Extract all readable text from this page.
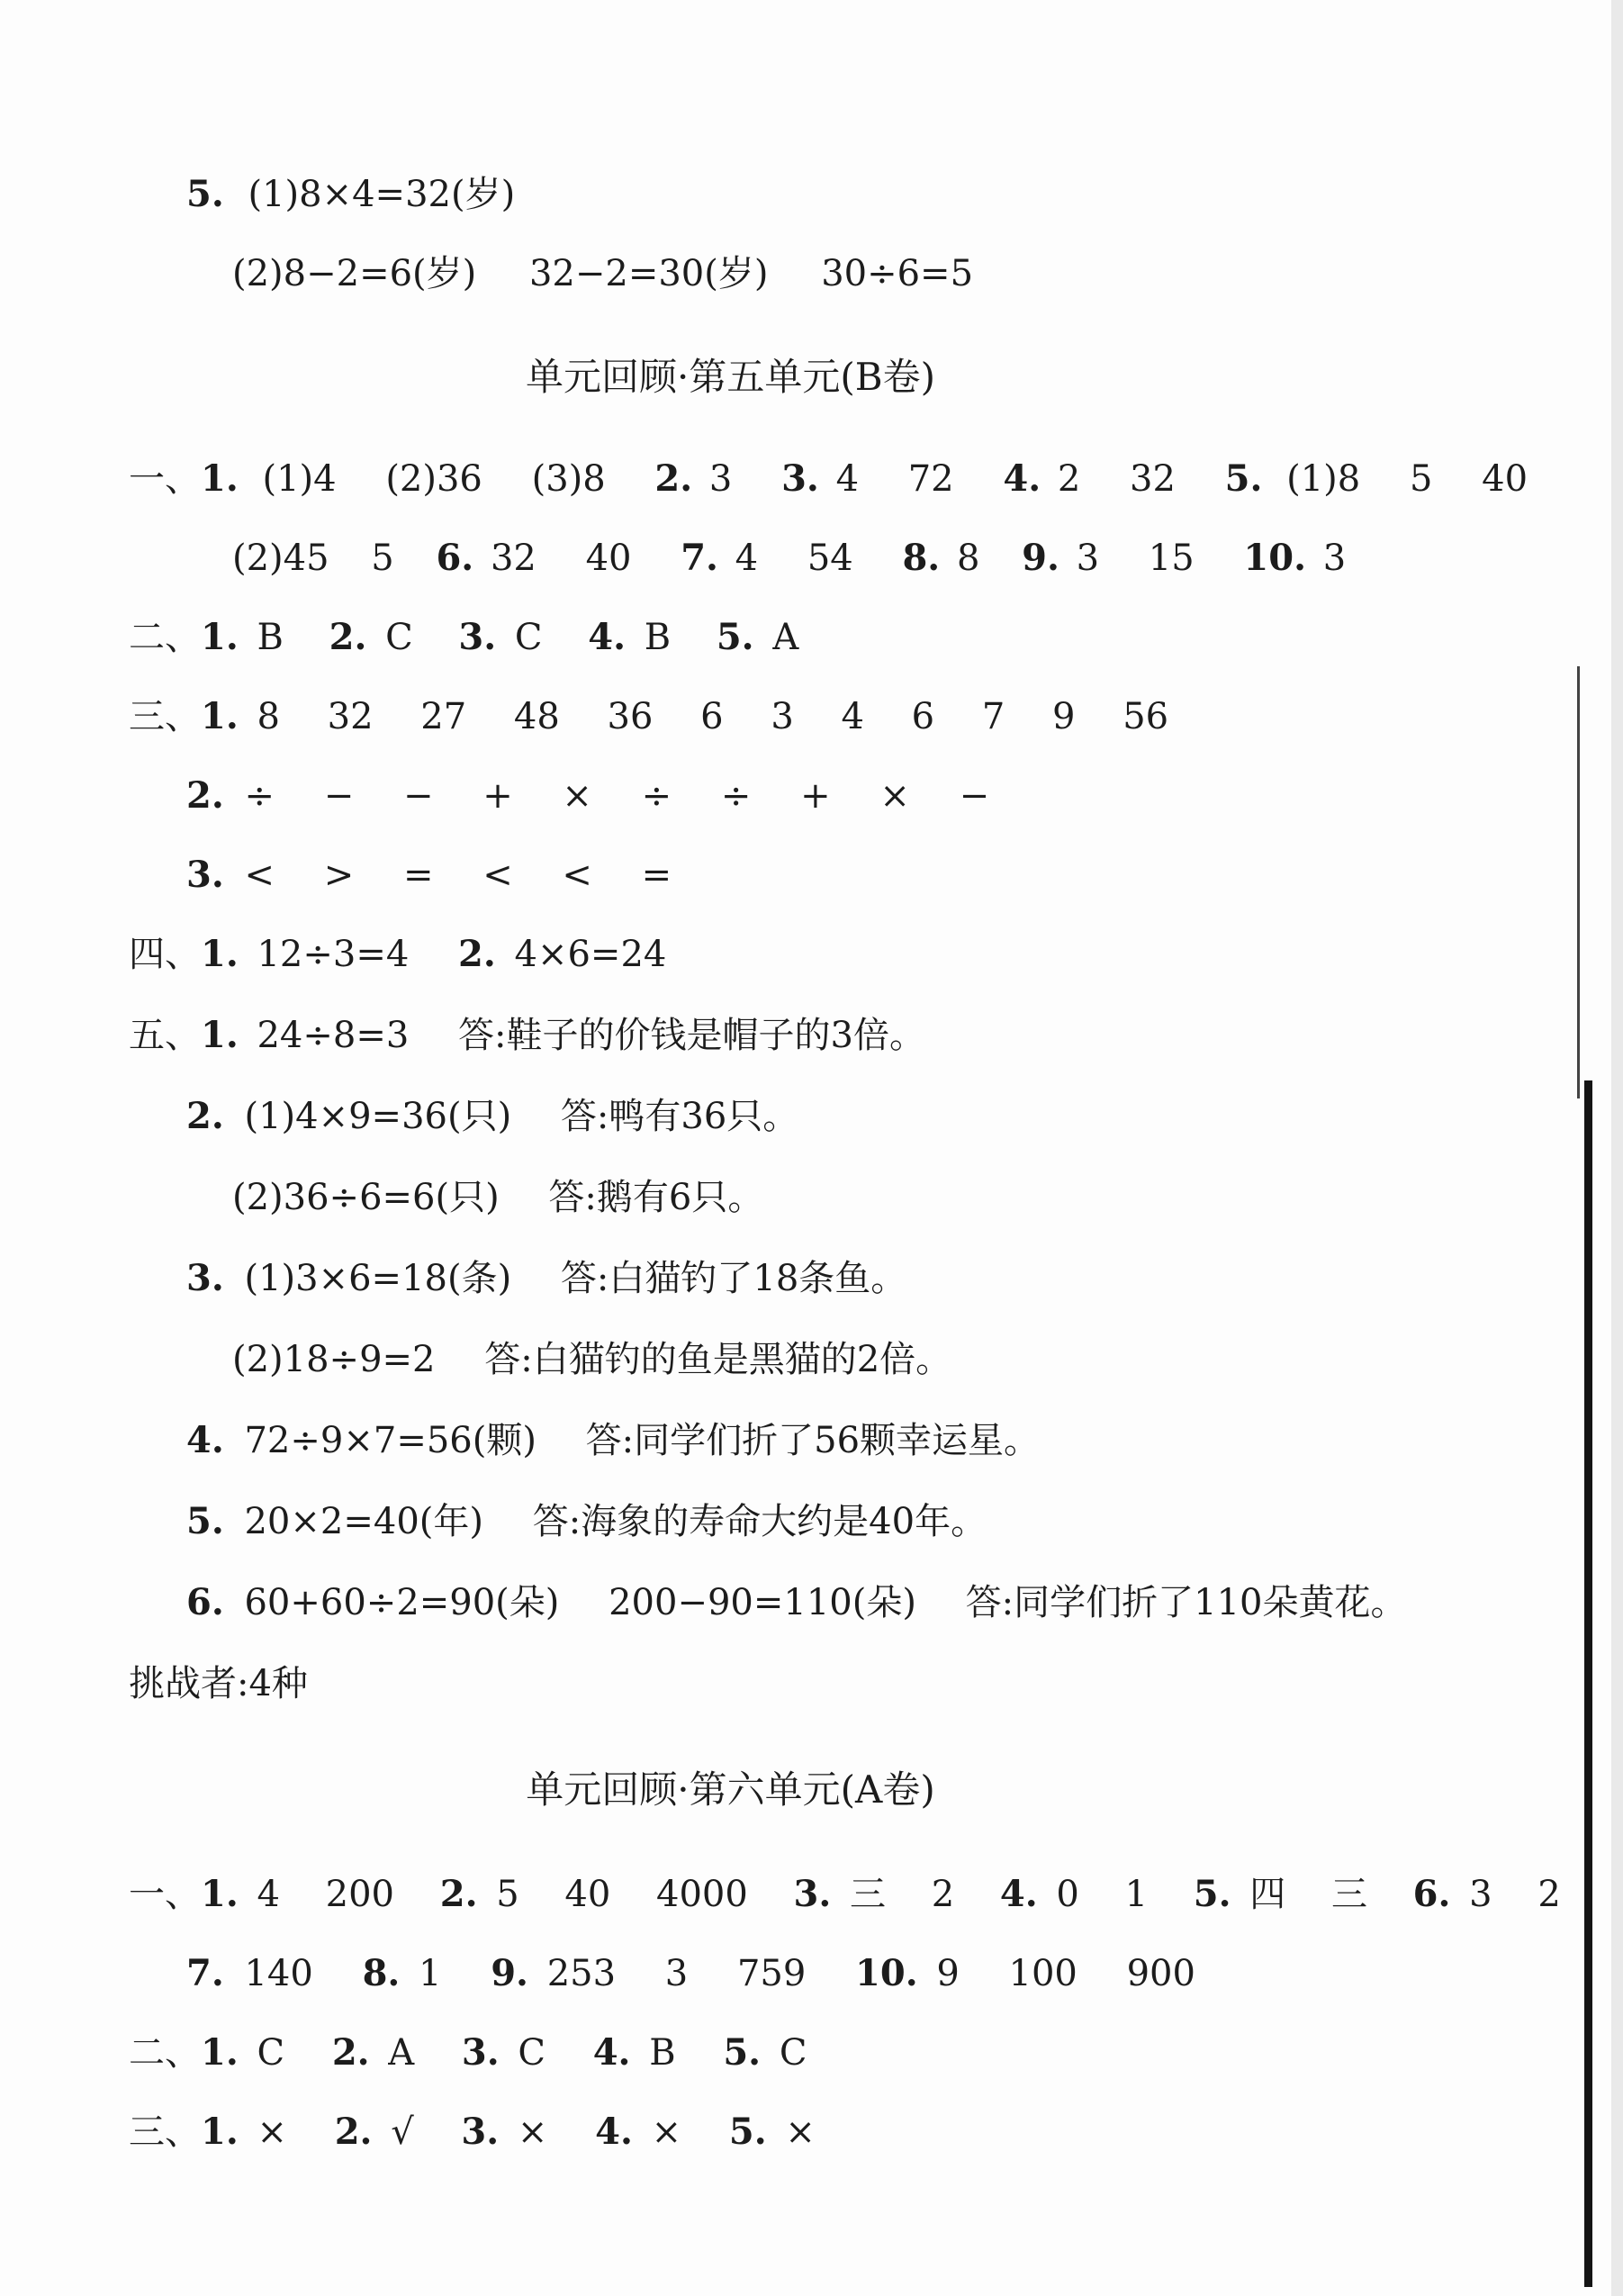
5. (1)8×4=32(岁)
(2)8−2=6(岁) 32−2=30(岁) 30÷6=5
单元回顾·第五单元(B卷)
一、1. (1)4 (2)36 (3)8 2. 3 3. 4 72 4. 2 32 5. (1)8 5 40
(2)45 5 6. 32 40 7. 4 54 8. 8 9. 3 15 10. 3
二、1. B 2. C 3. C 4. B 5. A
三、1. 8 32 27 48 36 6 3 4 6 7 9 56
2. ÷ − − + × ÷ ÷ + × −
3. < > = < < =
四、1. 12÷3=4 2. 4×6=24
五、1. 24÷8=3 答:鞋子的价钱是帽子的3倍。
2. (1)4×9=36(只) 答:鸭有36只。
(2)36÷6=6(只) 答:鹅有6只。
3. (1)3×6=18(条) 答:白猫钓了18条鱼。
(2)18÷9=2 答:白猫钓的鱼是黑猫的2倍。
4. 72÷9×7=56(颗) 答:同学们折了56颗幸运星。
5. 20×2=40(年) 答:海象的寿命大约是40年。
6. 60+60÷2=90(朵) 200−90=110(朵) 答:同学们折了110朵黄花。
挑战者:4种
单元回顾·第六单元(A卷)
一、1. 4 200 2. 5 40 4000 3. 三 2 4. 0 1 5. 四 三 6. 3 2
7. 140 8. 1 9. 253 3 759 10. 9 100 900
二、1. C 2. A 3. C 4. B 5. C
三、1. × 2. √ 3. × 4. × 5. ×
